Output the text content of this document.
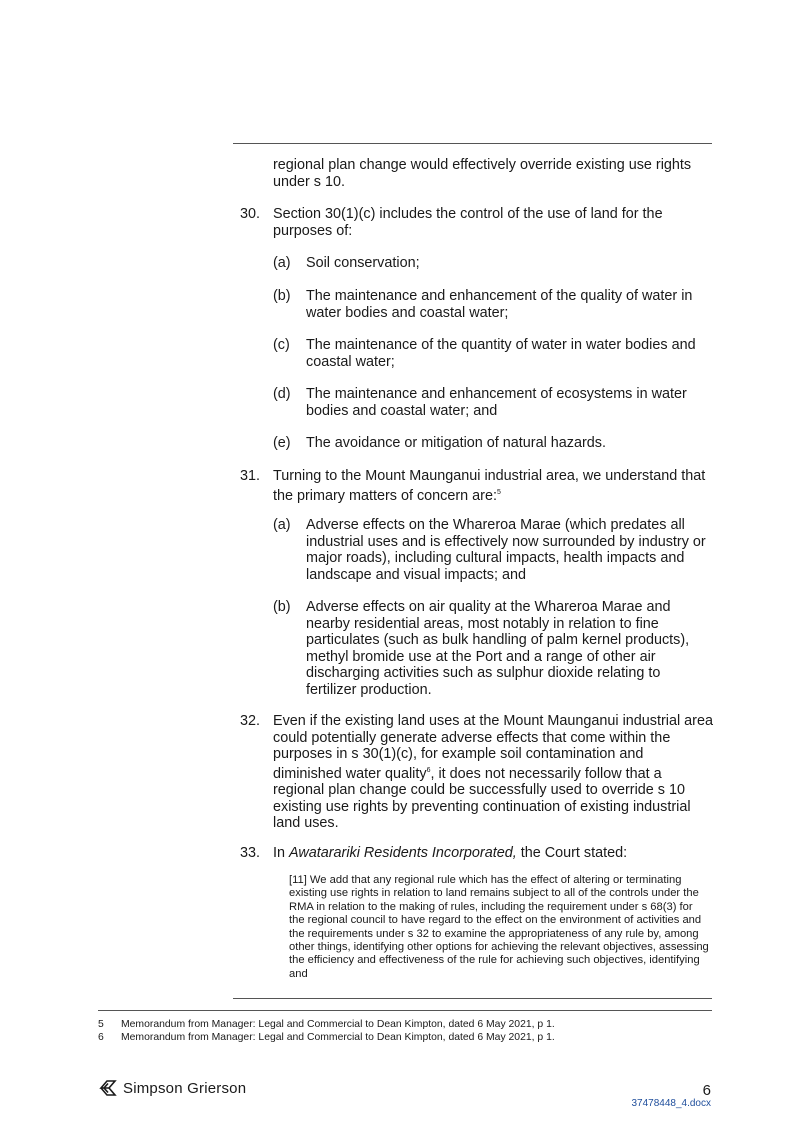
regional plan change would effectively override existing use rights under s 10.

30. Section 30(1)(c) includes the control of the use of land for the purposes of:

(a) Soil conservation;

(b) The maintenance and enhancement of the quality of water in water bodies and coastal water;

(c) The maintenance of the quantity of water in water bodies and coastal water;

(d) The maintenance and enhancement of ecosystems in water bodies and coastal water; and

(e) The avoidance or mitigation of natural hazards.

31. Turning to the Mount Maunganui industrial area, we understand that the primary matters of concern are:$^5$

(a) Adverse effects on the Whareroa Marae (which predates all industrial uses and is effectively now surrounded by industry or major roads), including cultural impacts, health impacts and landscape and visual impacts; and

(b) Adverse effects on air quality at the Whareroa Marae and nearby residential areas, most notably in relation to fine particulates (such as bulk handling of palm kernel products), methyl bromide use at the Port and a range of other air discharging activities such as sulphur dioxide relating to fertilizer production.

32. Even if the existing land uses at the Mount Maunganui industrial area could potentially generate adverse effects that come within the purposes in s 30(1)(c), for example soil contamination and diminished water quality$^6$, it does not necessarily follow that a regional plan change could be successfully used to override s 10 existing use rights by preventing continuation of existing industrial land uses.

33. In Awatarariki Residents Incorporated, the Court stated:

[11] We add that any regional rule which has the effect of altering or terminating existing use rights in relation to land remains subject to all of the controls under the RMA in relation to the making of rules, including the requirement under s 68(3) for the regional council to have regard to the effect on the environment of activities and the requirements under s 32 to examine the appropriateness of any rule by, among other things, identifying other options for achieving the relevant objectives, assessing the efficiency and effectiveness of the rule for achieving such objectives, identifying and

5 Memorandum from Manager: Legal and Commercial to Dean Kimpton, dated 6 May 2021, p 1.
6 Memorandum from Manager: Legal and Commercial to Dean Kimpton, dated 6 May 2021, p 1.
Simpson Grierson	6
37478448_4.docx
